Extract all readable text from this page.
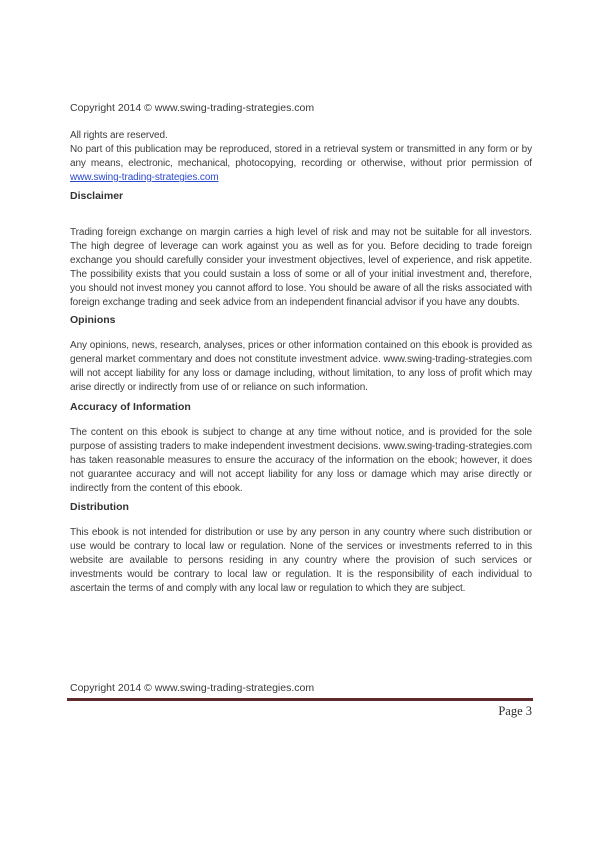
Copyright 2014 © www.swing-trading-strategies.com
All rights are reserved.
No part of this publication may be reproduced, stored in a retrieval system or transmitted in any form or by any means, electronic, mechanical, photocopying, recording or otherwise, without prior permission of www.swing-trading-strategies.com
Disclaimer
Trading foreign exchange on margin carries a high level of risk and may not be suitable for all investors. The high degree of leverage can work against you as well as for you. Before deciding to trade foreign exchange you should carefully consider your investment objectives, level of experience, and risk appetite. The possibility exists that you could sustain a loss of some or all of your initial investment and, therefore, you should not invest money you cannot afford to lose. You should be aware of all the risks associated with foreign exchange trading and seek advice from an independent financial advisor if you have any doubts.
Opinions
Any opinions, news, research, analyses, prices or other information contained on this ebook is provided as general market commentary and does not constitute investment advice. www.swing-trading-strategies.com will not accept liability for any loss or damage including, without limitation, to any loss of profit which may arise directly or indirectly from use of or reliance on such information.
Accuracy of Information
The content on this ebook is subject to change at any time without notice, and is provided for the sole purpose of assisting traders to make independent investment decisions. www.swing-trading-strategies.com has taken reasonable measures to ensure the accuracy of the information on the ebook; however, it does not guarantee accuracy and will not accept liability for any loss or damage which may arise directly or indirectly from the content of this ebook.
Distribution
This ebook is not intended for distribution or use by any person in any country where such distribution or use would be contrary to local law or regulation. None of the services or investments referred to in this website are available to persons residing in any country where the provision of such services or investments would be contrary to local law or regulation. It is the responsibility of each individual to ascertain the terms of and comply with any local law or regulation to which they are subject.
Copyright 2014 © www.swing-trading-strategies.com
Page 3
